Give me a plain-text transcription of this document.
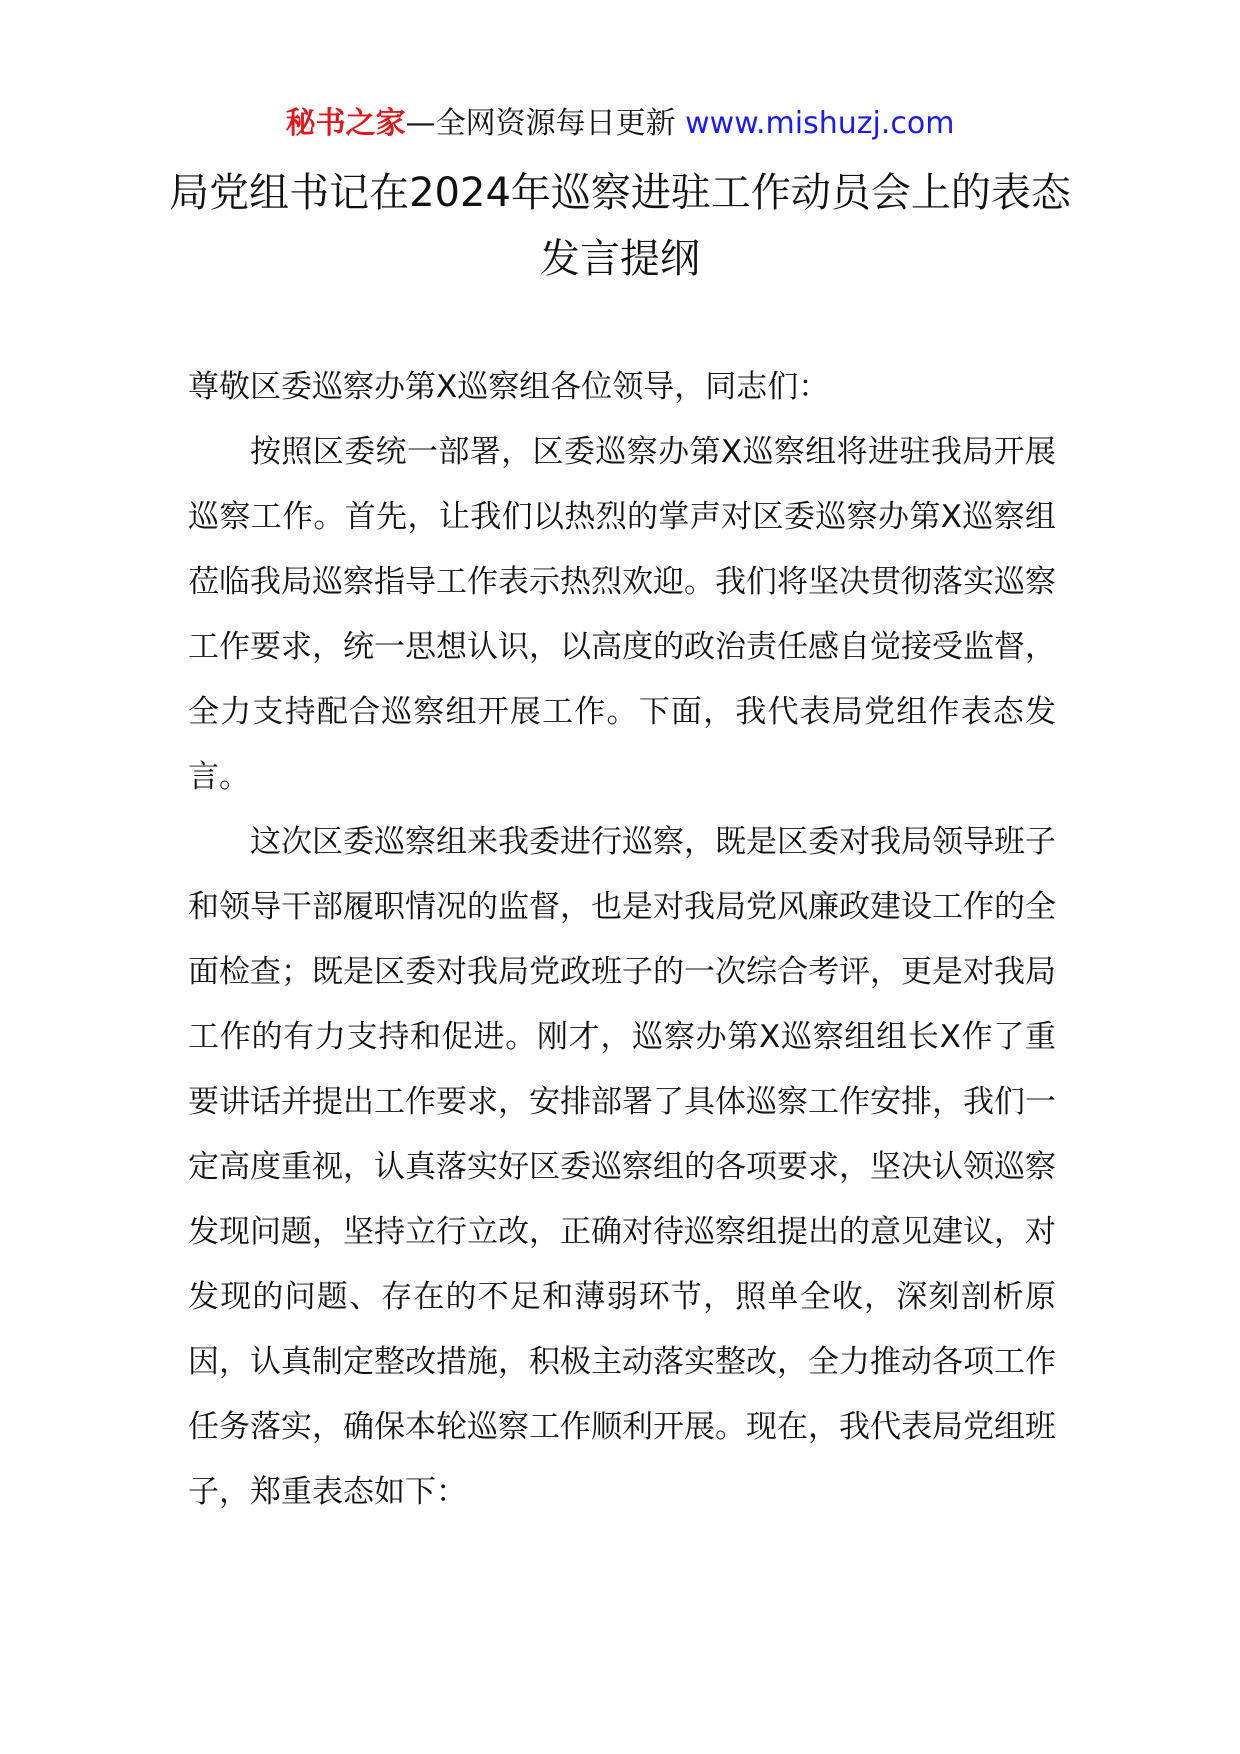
秘书之家—全网资源每日更新 www.mishuzj.com
局党组书记在2024年巡察进驻工作动员会上的表态发言提纲

尊敬区委巡察办第X巡察组各位领导，同志们：

按照区委统一部署，区委巡察办第X巡察组将进驻我局开展巡察工作。首先，让我们以热烈的掌声对区委巡察办第X巡察组莅临我局巡察指导工作表示热烈欢迎。我们将坚决贯彻落实巡察工作要求，统一思想认识，以高度的政治责任感自觉接受监督，全力支持配合巡察组开展工作。下面，我代表局党组作表态发言。

这次区委巡察组来我委进行巡察，既是区委对我局领导班子和领导干部履职情况的监督，也是对我局党风廉政建设工作的全面检查；既是区委对我局党政班子的一次综合考评，更是对我局工作的有力支持和促进。刚才，巡察办第X巡察组组长X作了重要讲话并提出工作要求，安排部署了具体巡察工作安排，我们一定高度重视，认真落实好区委巡察组的各项要求，坚决认领巡察发现问题，坚持立行立改，正确对待巡察组提出的意见建议，对发现的问题、存在的不足和薄弱环节，照单全收，深刻剖析原因，认真制定整改措施，积极主动落实整改，全力推动各项工作任务落实，确保本轮巡察工作顺利开展。现在，我代表局党组班子，郑重表态如下：
